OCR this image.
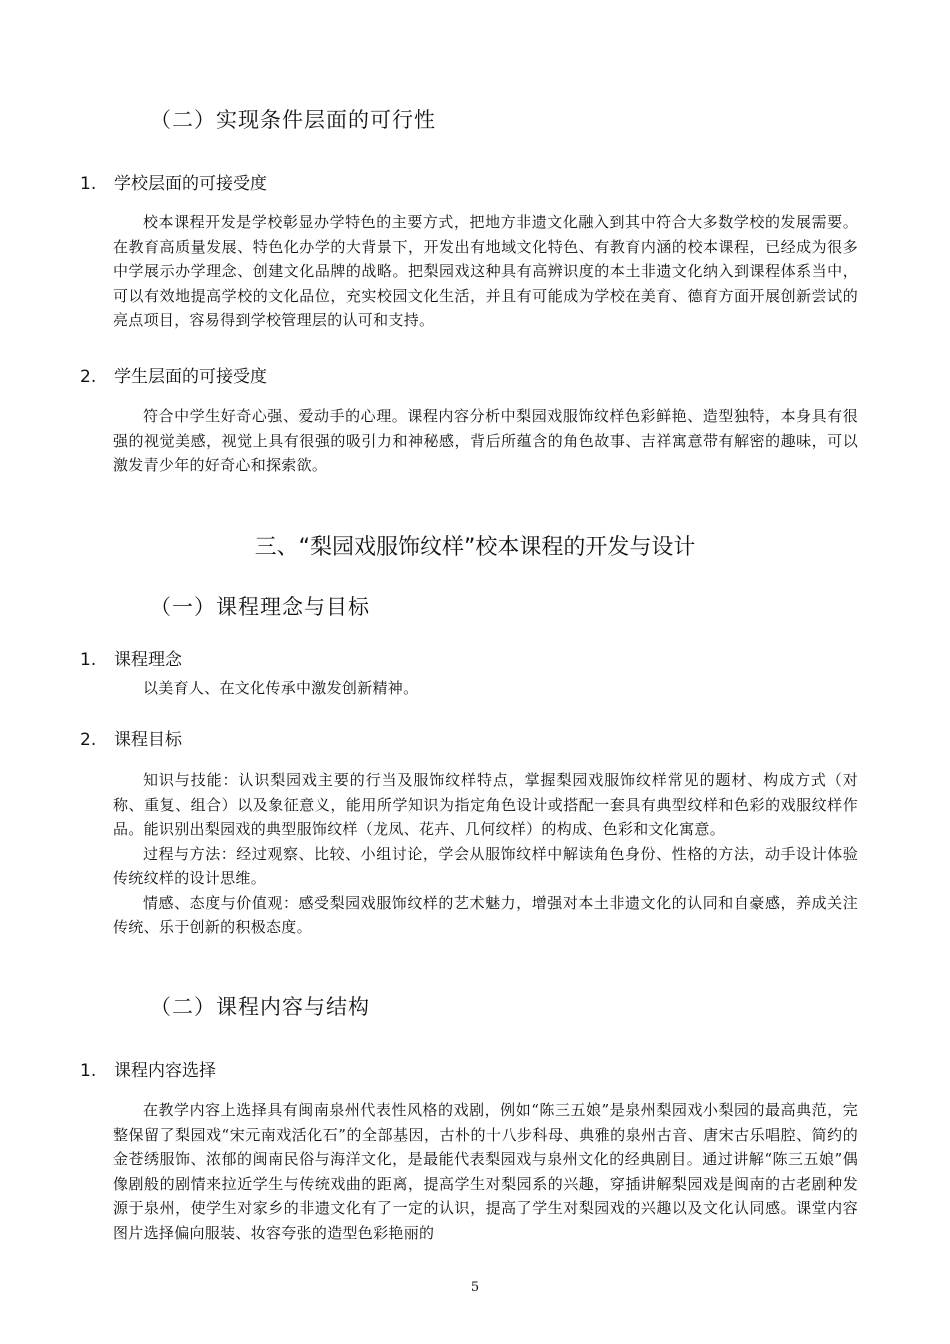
（二）实现条件层面的可行性
1. 学校层面的可接受度

校本课程开发是学校彰显办学特色的主要方式，把地方非遗文化融入到其中符合大多数学校的发展需要。在教育高质量发展、特色化办学的大背景下，开发出有地域文化特色、有教育内涵的校本课程，已经成为很多中学展示办学理念、创建文化品牌的战略。把梨园戏这种具有高辨识度的本土非遗文化纳入到课程体系当中，可以有效地提高学校的文化品位，充实校园文化生活，并且有可能成为学校在美育、德育方面开展创新尝试的亮点项目，容易得到学校管理层的认可和支持。

2. 学生层面的可接受度

符合中学生好奇心强、爱动手的心理。课程内容分析中梨园戏服饰纹样色彩鲜艳、造型独特，本身具有很强的视觉美感，视觉上具有很强的吸引力和神秘感，背后所蕴含的角色故事、吉祥寓意带有解密的趣味，可以激发青少年的好奇心和探索欲。

三、“梨园戏服饰纹样”校本课程的开发与设计
（一）课程理念与目标
1. 课程理念

以美育人、在文化传承中激发创新精神。

2. 课程目标

知识与技能：认识梨园戏主要的行当及服饰纹样特点，掌握梨园戏服饰纹样常见的题材、构成方式（对称、重复、组合）以及象征意义，能用所学知识为指定角色设计或搭配一套具有典型纹样和色彩的戏服纹样作品。能识别出梨园戏的典型服饰纹样（龙凤、花卉、几何纹样）的构成、色彩和文化寓意。

过程与方法：经过观察、比较、小组讨论，学会从服饰纹样中解读角色身份、性格的方法，动手设计体验传统纹样的设计思维。

情感、态度与价值观：感受梨园戏服饰纹样的艺术魅力，增强对本土非遗文化的认同和自豪感，养成关注传统、乐于创新的积极态度。

（二）课程内容与结构
1. 课程内容选择

在教学内容上选择具有闽南泉州代表性风格的戏剧，例如“陈三五娘”是泉州梨园戏小梨园的最高典范，完整保留了梨园戏“宋元南戏活化石”的全部基因，古朴的十八步科母、典雅的泉州古音、唐宋古乐唱腔、简约的金苍绣服饰、浓郁的闽南民俗与海洋文化，是最能代表梨园戏与泉州文化的经典剧目。通过讲解“陈三五娘”偶像剧般的剧情来拉近学生与传统戏曲的距离，提高学生对梨园系的兴趣，穿插讲解梨园戏是闽南的古老剧种发源于泉州，使学生对家乡的非遗文化有了一定的认识，提高了学生对梨园戏的兴趣以及文化认同感。课堂内容图片选择偏向服装、妆容夸张的造型色彩艳丽的

5
